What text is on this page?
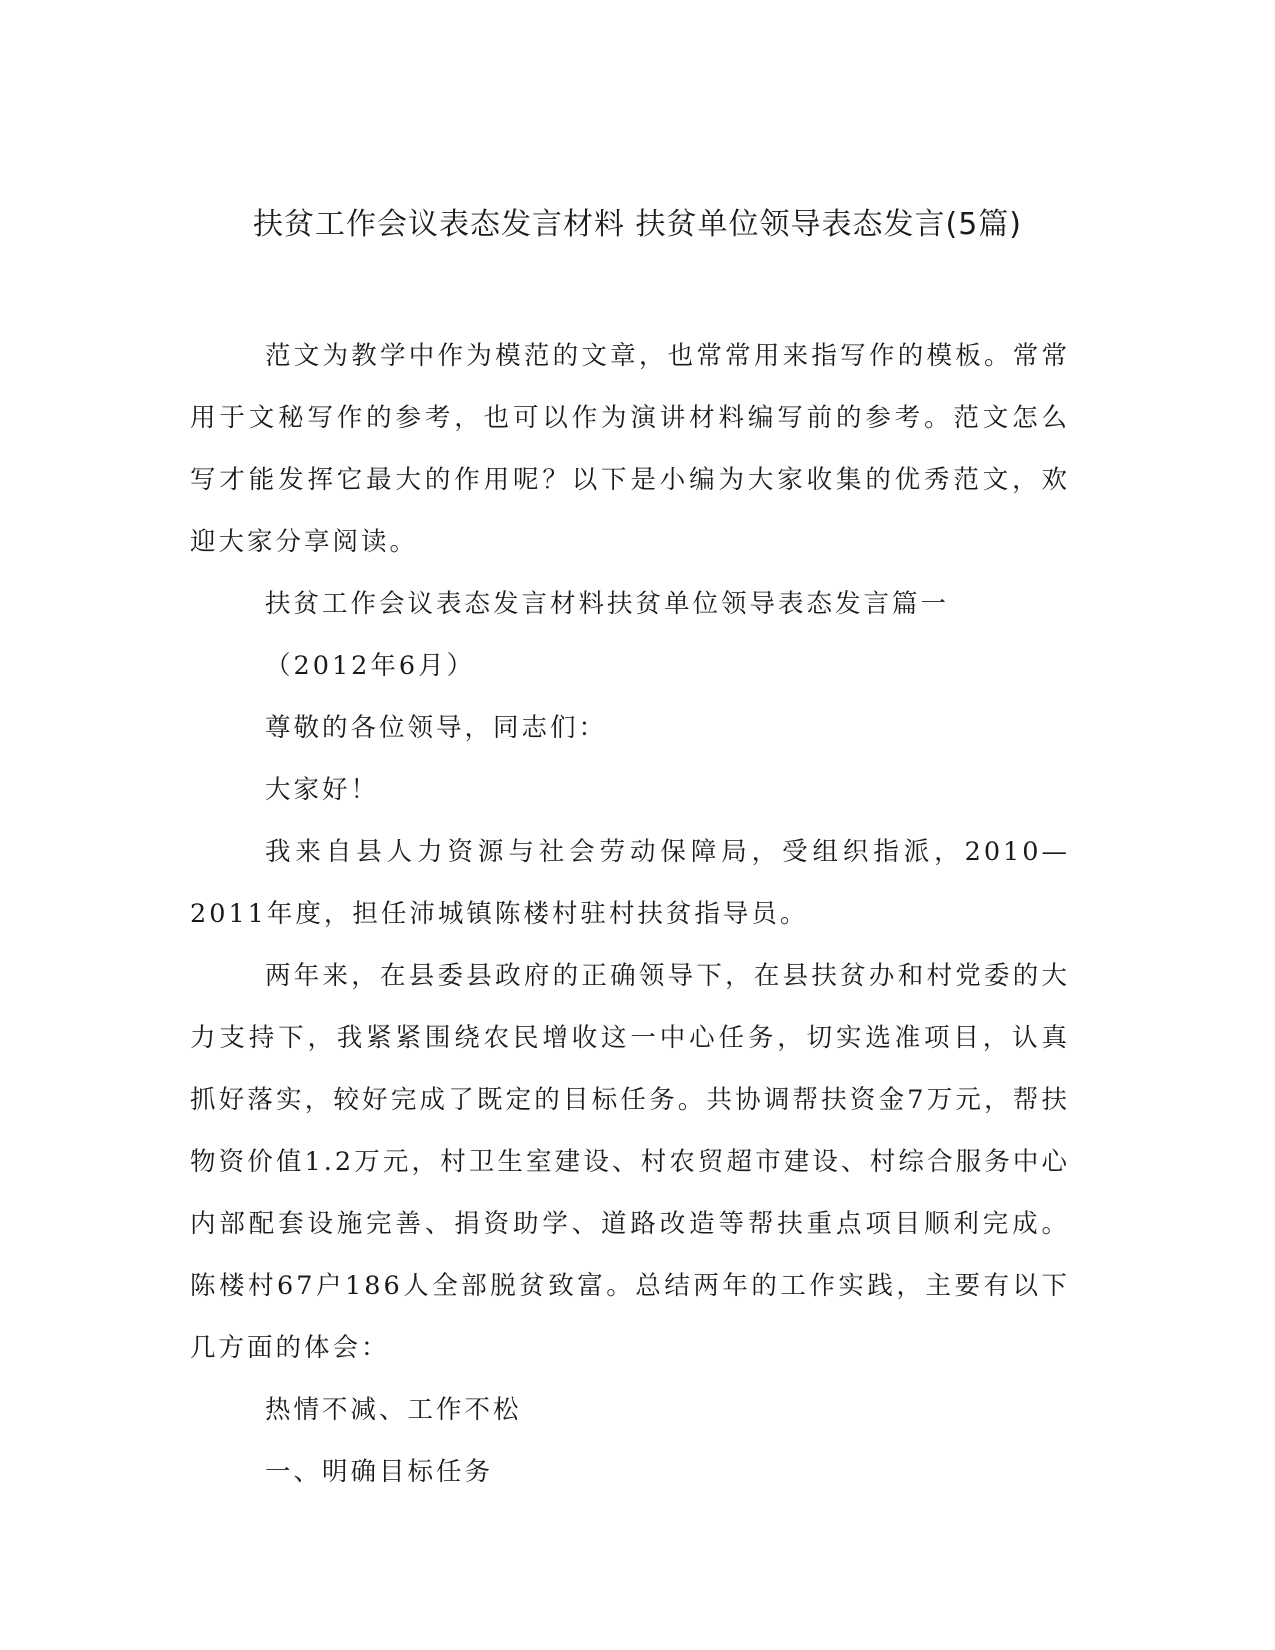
扶贫工作会议表态发言材料 扶贫单位领导表态发言(5篇)

范文为教学中作为模范的文章，也常常用来指写作的模板。常常用于文秘写作的参考，也可以作为演讲材料编写前的参考。范文怎么写才能发挥它最大的作用呢？以下是小编为大家收集的优秀范文，欢迎大家分享阅读。

扶贫工作会议表态发言材料扶贫单位领导表态发言篇一

（2012年6月）

尊敬的各位领导，同志们：

大家好！

我来自县人力资源与社会劳动保障局，受组织指派，2010—2011年度，担任沛城镇陈楼村驻村扶贫指导员。

两年来，在县委县政府的正确领导下，在县扶贫办和村党委的大力支持下，我紧紧围绕农民增收这一中心任务，切实选准项目，认真抓好落实，较好完成了既定的目标任务。共协调帮扶资金7万元，帮扶物资价值1.2万元，村卫生室建设、村农贸超市建设、村综合服务中心内部配套设施完善、捐资助学、道路改造等帮扶重点项目顺利完成。陈楼村67户186人全部脱贫致富。总结两年的工作实践，主要有以下几方面的体会：

热情不减、工作不松

一、明确目标任务
